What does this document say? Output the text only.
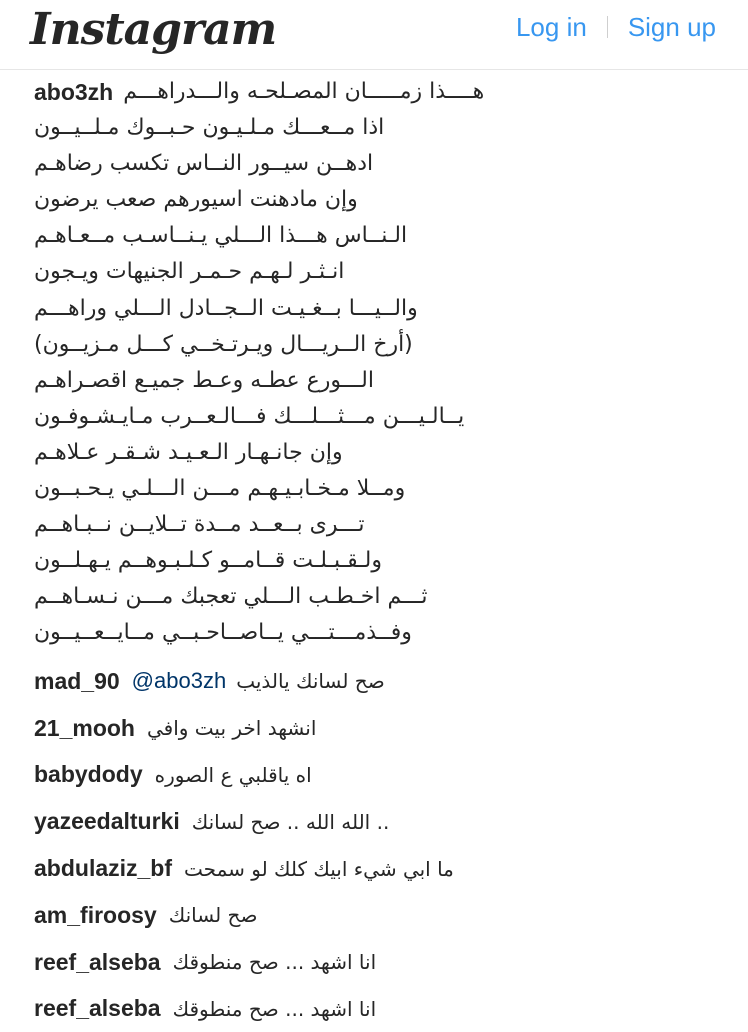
Instagram	Log in Sign up
abo3zh هــــذا زمـــــان المصـلحـه والـــدراهـــم
اذا مــعـــك مـلـيـون حـبــوك مـلــيــون
ادهــن سيــور النــاس تكسب رضاهـم
وإن مادهنت اسيورهم صعب يرضون
الـنــاس هـــذا الـــلي يـنــاسـب مــعـاهـم
انـثـر لـهـم حـمـر الجنيهات ويـجون
والــيـــا بــغـيـت الــجــادل الـــلي وراهـــم
(أرخ الــريـــال ويـرتـخــي كـــل مـزيــون)
الـــورع عطـه وعـط جميـع اقصـراهـم
يــالـيـــن مـــثـــلـــك فـــالـعــرب مـايـشـوفـون
وإن جانـهـار الـعـيـد شـقـر عـلاهـم
ومــلا مـخـابـيـهـم مـــن الـــلـي يـحـبــون
تـــرى بــعــد مــدة تــلايــن نــبـاهــم
ولـقـبـلـت قــامــو كـلـبـوهــم يـهـلــون
ثـــم اخـطـب الـــلي تعجبك مـــن نـسـاهــم
وفــذمـــتـــي يــاصــاحـبــي مــايــعــيــون
mad_90 @abo3zh صح لسانك يالذيب
21_mooh انشهد اخر بيت وافي
babydody اه ياقلبي ع الصوره
yazeedalturki الله الله .. صح لسانك ..
abdulaziz_bf ما ابي شيء ابيك كلك لو سمحت
am_firoosy صح لسانك
reef_alseba انا اشهد ... صح منطوقك
reef_alseba انا اشهد ... صح منطوقك
